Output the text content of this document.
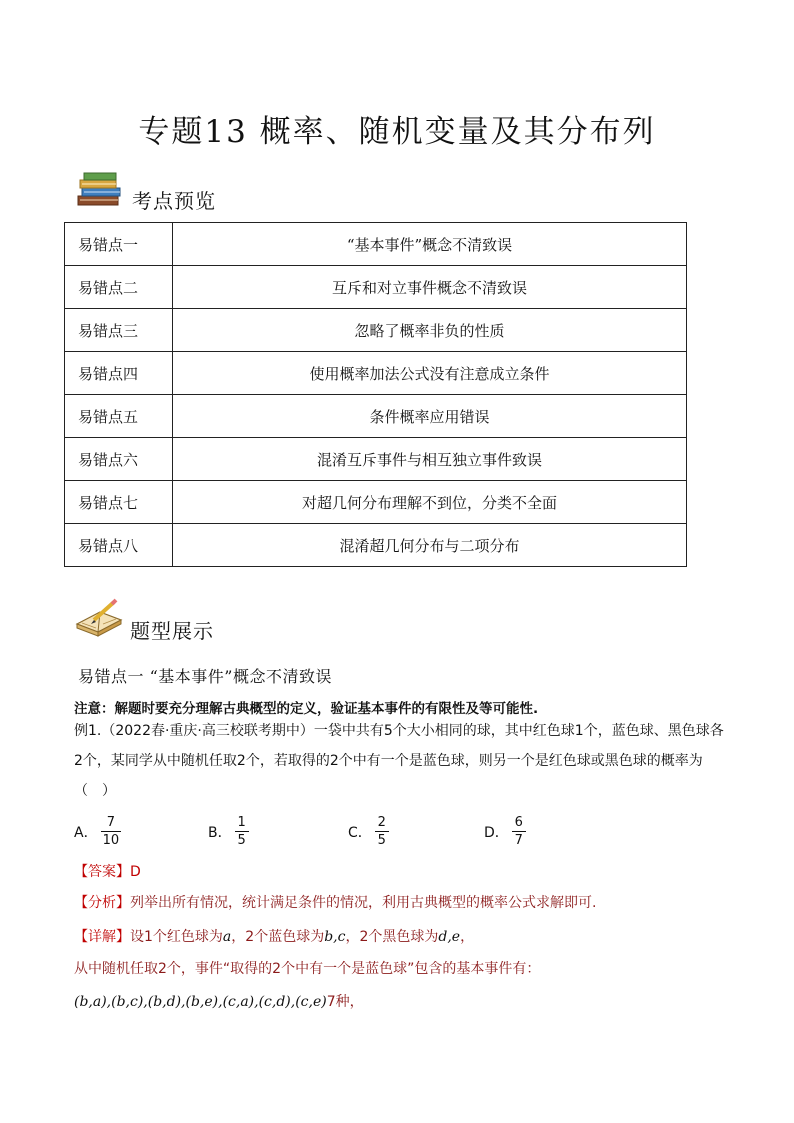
专题13 概率、随机变量及其分布列
考点预览
易错点一	“基本事件”概念不清致误
易错点二	互斥和对立事件概念不清致误
易错点三	忽略了概率非负的性质
易错点四	使用概率加法公式没有注意成立条件
易错点五	条件概率应用错误
易错点六	混淆互斥事件与相互独立事件致误
易错点七	对超几何分布理解不到位，分类不全面
易错点八	混淆超几何分布与二项分布
题型展示
易错点一 “基本事件”概念不清致误
注意：解题时要充分理解古典概型的定义，验证基本事件的有限性及等可能性.
例1.（2022春·重庆·高三校联考期中）一袋中共有5个大小相同的球，其中红色球1个，蓝色球、黑色球各2个，某同学从中随机任取2个，若取得的2个中有一个是蓝色球，则另一个是红色球或黑色球的概率为（　）
A． $\frac{7}{10}$	B． $\frac{1}{5}$	C． $\frac{2}{5}$	D． $\frac{6}{7}$
【答案】D
【分析】列举出所有情况，统计满足条件的情况，利用古典概型的概率公式求解即可.
【详解】设1个红色球为a，2个蓝色球为b,c，2个黑色球为d,e，
从中随机任取2个，事件“取得的2个中有一个是蓝色球”包含的基本事件有：
(b,a),(b,c),(b,d),(b,e),(c,a),(c,d),(c,e)7种，
